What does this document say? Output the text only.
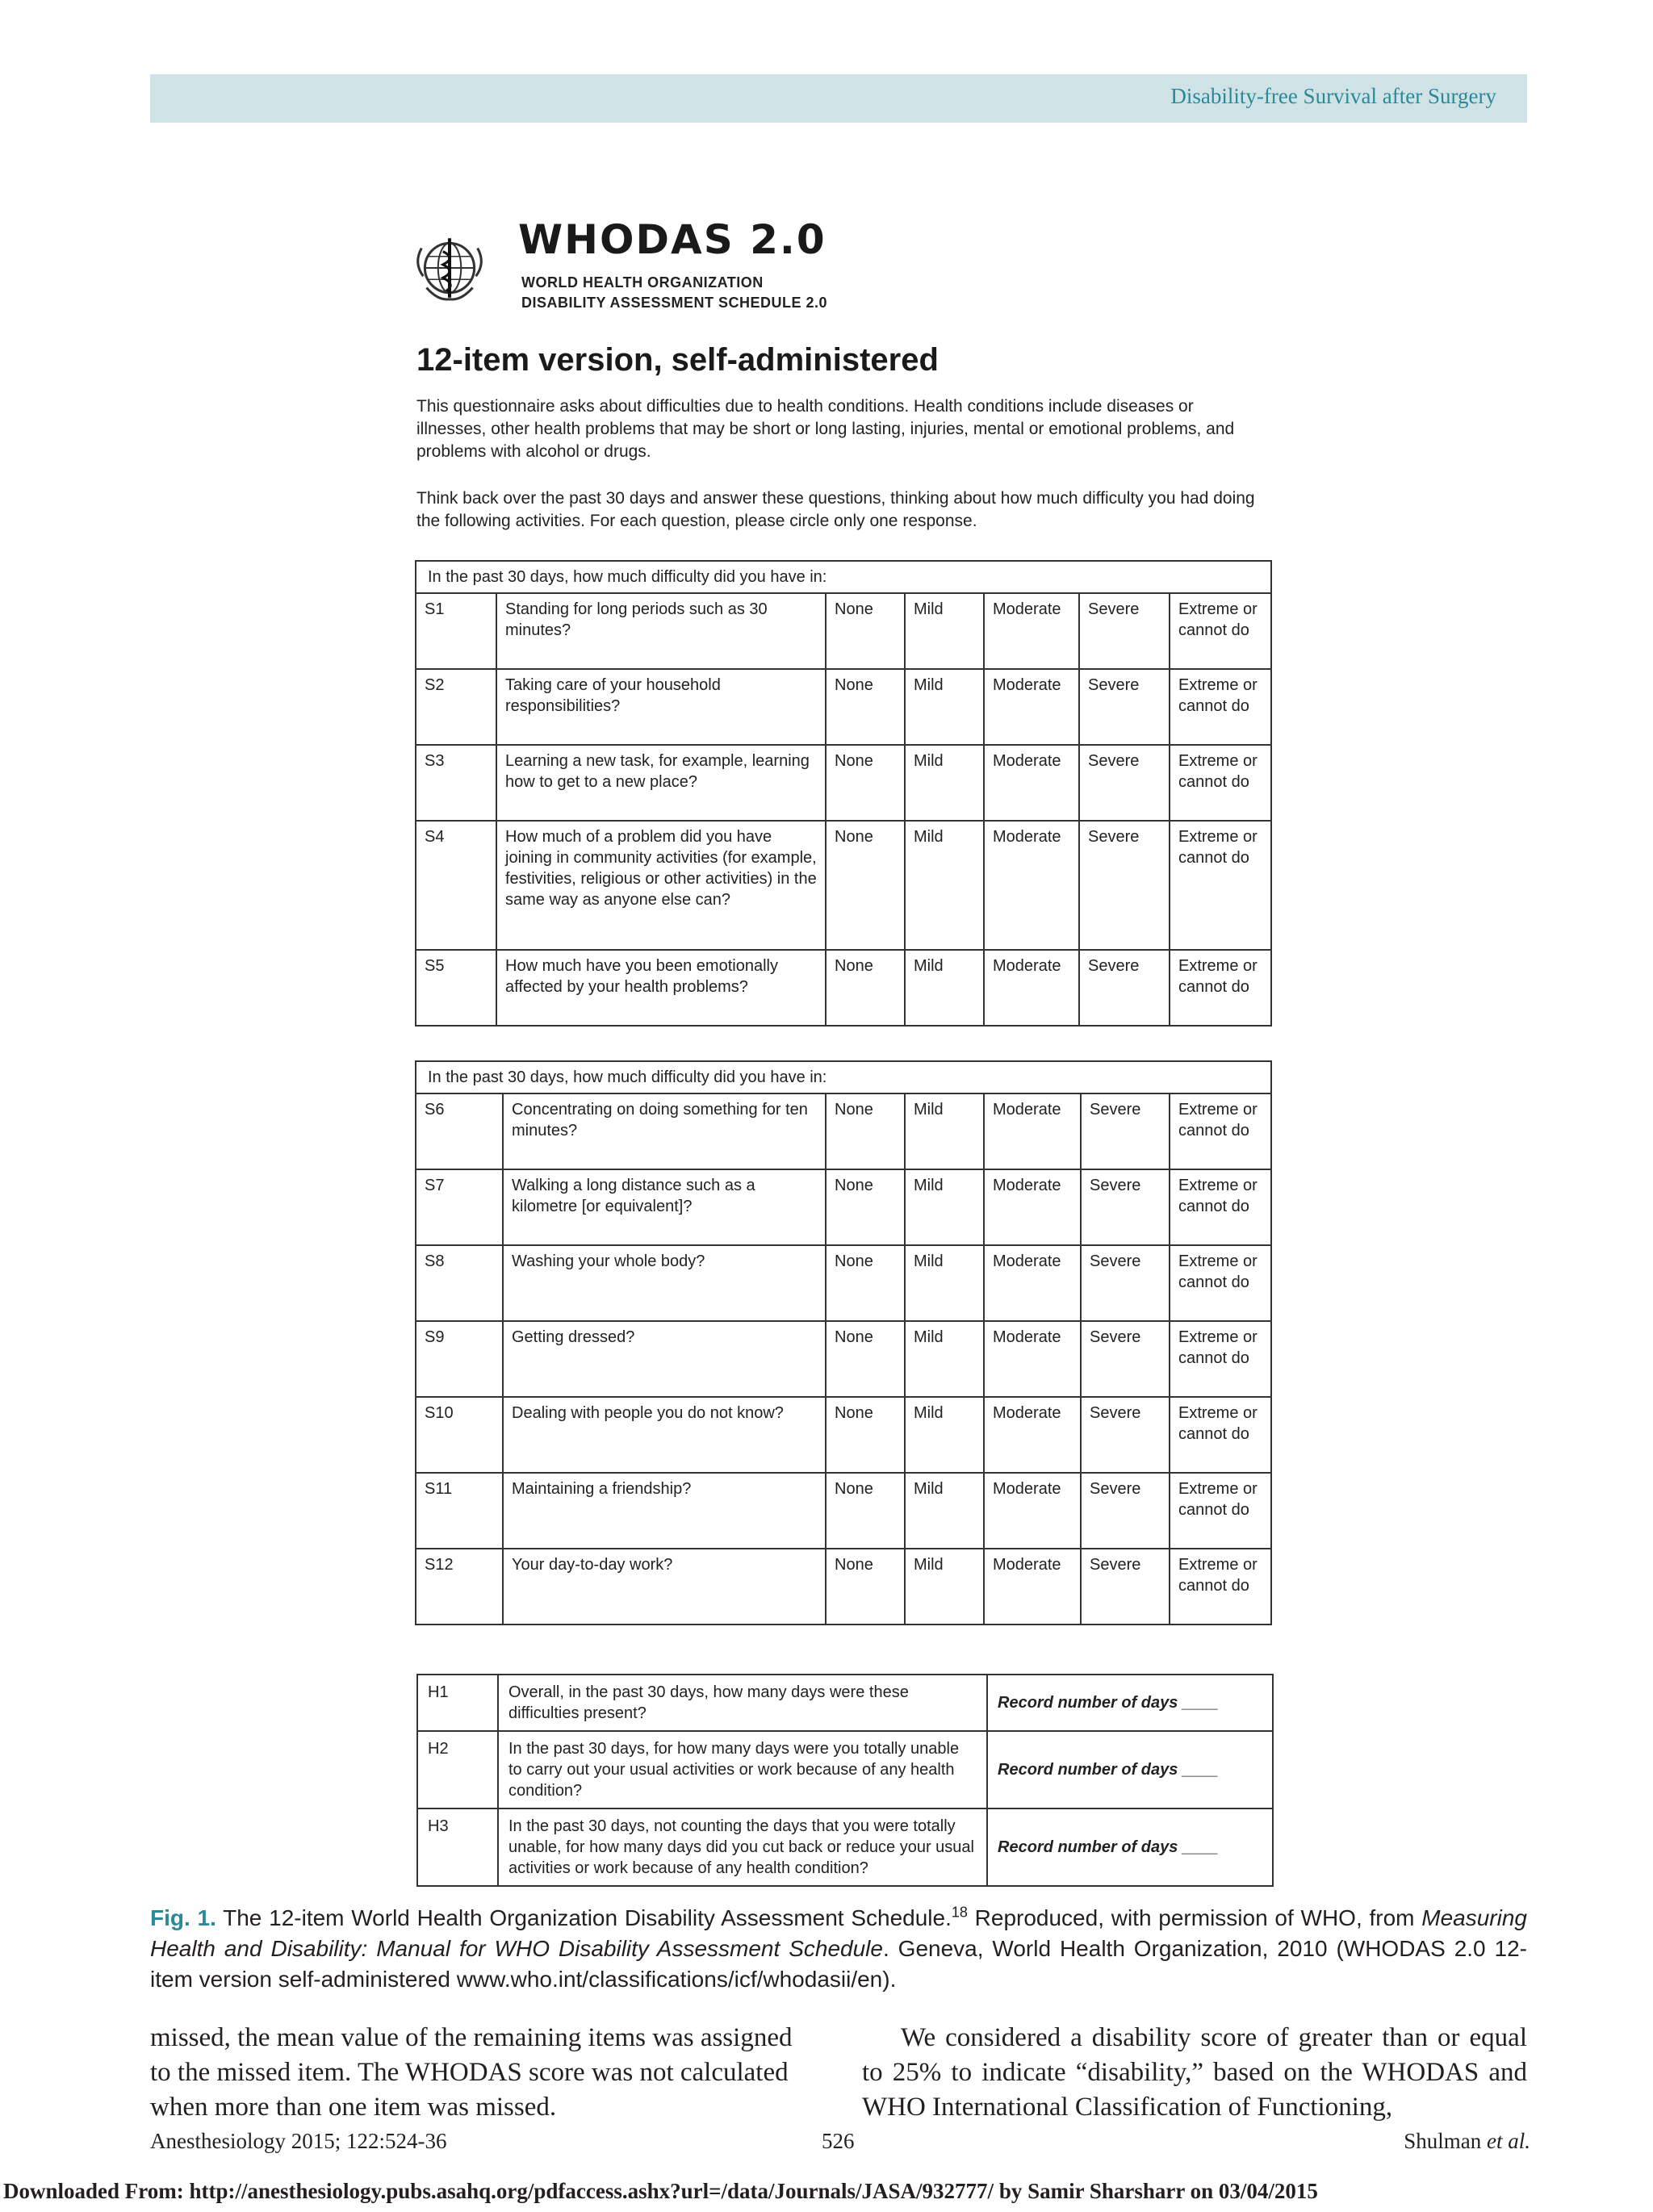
Disability-free Survival after Surgery
WHODAS 2.0
WORLD HEALTH ORGANIZATION
DISABILITY ASSESSMENT SCHEDULE 2.0
12-item version, self-administered
This questionnaire asks about difficulties due to health conditions. Health conditions include diseases or illnesses, other health problems that may be short or long lasting, injuries, mental or emotional problems, and problems with alcohol or drugs.
Think back over the past 30 days and answer these questions, thinking about how much difficulty you had doing the following activities. For each question, please circle only one response.
In the past 30 days, how much difficulty did you have in:						
S1	Standing for long periods such as 30 minutes?	None	Mild	Moderate	Severe	Extreme or cannot do
S2	Taking care of your household responsibilities?	None	Mild	Moderate	Severe	Extreme or cannot do
S3	Learning a new task, for example, learning how to get to a new place?	None	Mild	Moderate	Severe	Extreme or cannot do
S4	How much of a problem did you have joining in community activities (for example, festivities, religious or other activities) in the same way as anyone else can?	None	Mild	Moderate	Severe	Extreme or cannot do
S5	How much have you been emotionally affected by your health problems?	None	Mild	Moderate	Severe	Extreme or cannot do
In the past 30 days, how much difficulty did you have in:						
S6	Concentrating on doing something for ten minutes?	None	Mild	Moderate	Severe	Extreme or cannot do
S7	Walking a long distance such as a kilometre [or equivalent]?	None	Mild	Moderate	Severe	Extreme or cannot do
S8	Washing your whole body?	None	Mild	Moderate	Severe	Extreme or cannot do
S9	Getting dressed?	None	Mild	Moderate	Severe	Extreme or cannot do
S10	Dealing with people you do not know?	None	Mild	Moderate	Severe	Extreme or cannot do
S11	Maintaining a friendship?	None	Mild	Moderate	Severe	Extreme or cannot do
S12	Your day-to-day work?	None	Mild	Moderate	Severe	Extreme or cannot do
H1	Overall, in the past 30 days, how many days were these difficulties present?	Record number of days ____
H2	In the past 30 days, for how many days were you totally unable to carry out your usual activities or work because of any health condition?	Record number of days ____
H3	In the past 30 days, not counting the days that you were totally unable, for how many days did you cut back or reduce your usual activities or work because of any health condition?	Record number of days ____
Fig. 1. The 12-item World Health Organization Disability Assessment Schedule.$^{18}$ Reproduced, with permission of WHO, from Measuring Health and Disability: Manual for WHO Disability Assessment Schedule. Geneva, World Health Organization, 2010 (WHODAS 2.0 12-item version self-administered www.who.int/classifications/icf/whodasii/en).
missed, the mean value of the remaining items was assigned to the missed item. The WHODAS score was not calculated when more than one item was missed.
We considered a disability score of greater than or equal to 25% to indicate “disability,” based on the WHODAS and WHO International Classification of Functioning,
Anesthesiology 2015; 122:524-36	526	Shulman et al.
Downloaded From: http://anesthesiology.pubs.asahq.org/pdfaccess.ashx?url=/data/Journals/JASA/932777/ by Samir Sharsharr on 03/04/2015
